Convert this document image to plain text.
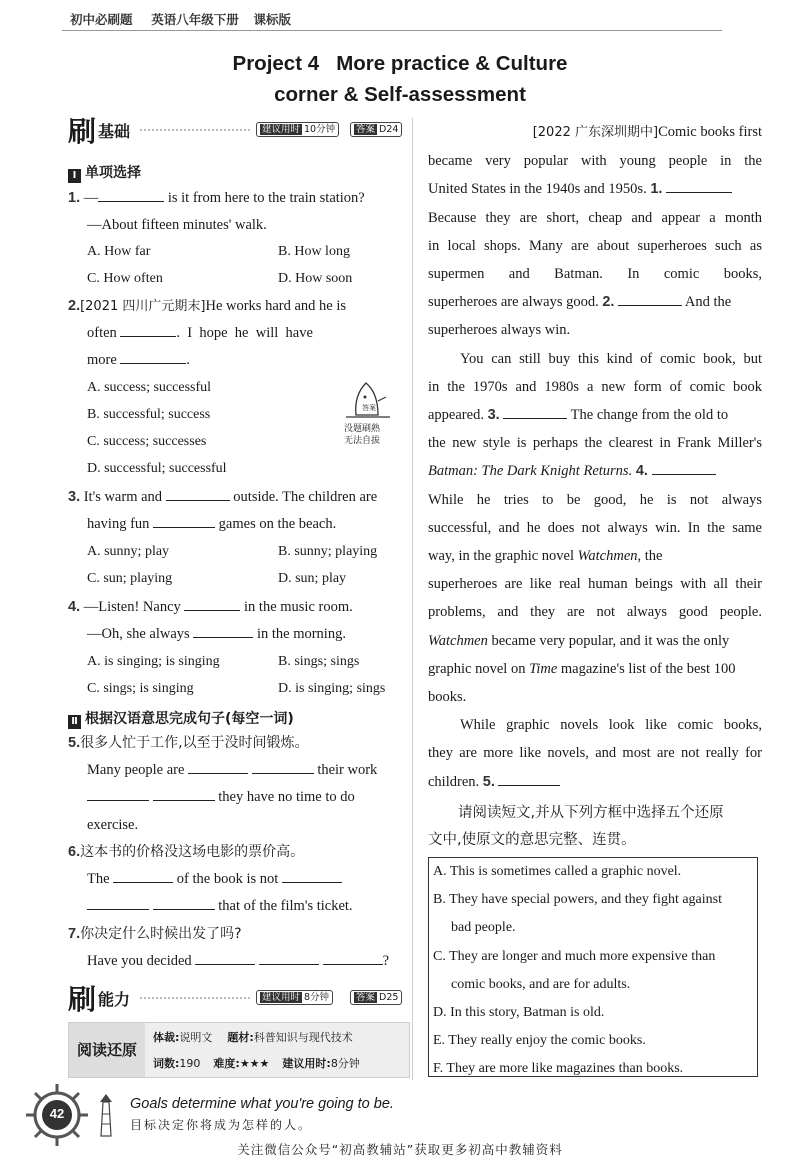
初中必刷题 英语八年级下册 课标版
Project 4   More practice & Culture
corner & Self-assessment
刷 基础	建议用时 10分钟	答案 D24
Ⅰ 单项选择
1. —	is it from here to the train station?
—About fifteen minutes' walk.
A. How far	B. How long
C. How often	D. How soon
2.[2021 四川广元期末]He works hard and he is
often	.  I  hope  he  will  have
more	.
A. success; successful
B. successful; success
C. success; successes
D. successful; successful
答案
没题刷熟
无法自拔
3. It's warm and	outside. The children are
having fun	games on the beach.
A. sunny; play	B. sunny; playing
C. sun; playing	D. sun; play
4. —Listen! Nancy	in the music room.
—Oh, she always	in the morning.
A. is singing; is singing	B. sings; sings
C. sings; is singing	D. is singing; sings
Ⅱ 根据汉语意思完成句子(每空一词)
5.很多人忙于工作,以至于没时间锻炼。
Many people are	their work
they have no time to do
exercise.
6.这本书的价格没这场电影的票价高。
The	of the book is not
that of the film's ticket.
7.你决定什么时候出发了吗?
Have you decided	?
刷 能力	建议用时 8分钟	答案 D25
阅读还原
体裁:说明文 题材:科普知识与现代技术
词数:190 难度:★★★ 建议用时:8分钟
[2022 广东深圳期中]Comic books first
became very popular with young people in the
United States in the 1940s and 1950s. 1.
Because they are short, cheap and appear a month
in local shops. Many are about superheroes such as
supermen and Batman. In comic books,
superheroes are always good. 2.	And the
superheroes always win.
You can still buy this kind of comic book, but
in the 1970s and 1980s a new form of comic book
appeared. 3.	The change from the old to
the new style is perhaps the clearest in Frank Miller's
Batman: The Dark Knight Returns. 4.
While he tries to be good, he is not always
successful, and he does not always win. In the same
way, in the graphic novel Watchmen, the
superheroes are like real human beings with all their
problems, and they are not always good people.
Watchmen became very popular, and it was the only
graphic novel on Time magazine's list of the best 100
books.
While graphic novels look like comic books,
they are more like novels, and most are not really for
children. 5.
请阅读短文,并从下列方框中选择五个还原
文中,使原文的意思完整、连贯。
A. This is sometimes called a graphic novel.
B. They have special powers, and they fight against
bad people.
C. They are longer and much more expensive than
comic books, and are for adults.
D. In this story, Batman is old.
E. They really enjoy the comic books.
F. They are more like magazines than books.
42
Goals determine what you're going to be.
目标决定你将成为怎样的人。
关注微信公众号“初高教辅站”获取更多初高中教辅资料
